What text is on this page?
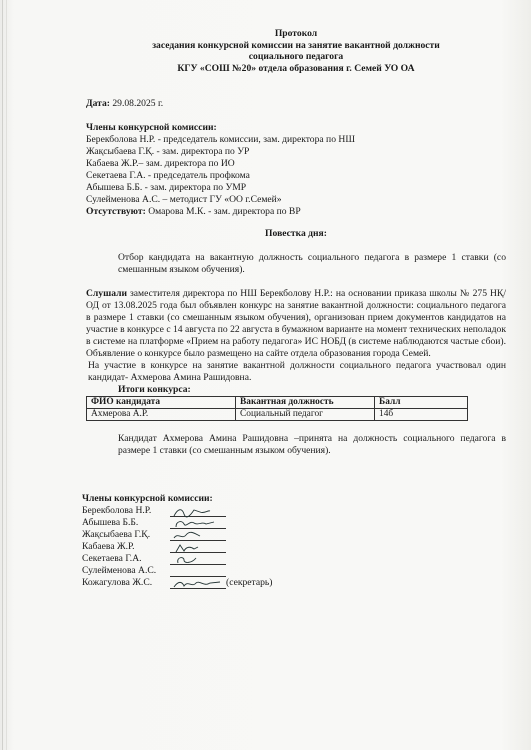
Протокол
заседания конкурсной комиссии на занятие вакантной должности
социального педагога
КГУ «СОШ №20» отдела образования г. Семей УО ОА

Дата: 29.08.2025 г.

Члены конкурсной комиссии:

Берекболова Н.Р. - председатель комиссии, зам. директора по НШ

Жақсыбаева Г.Қ. - зам. директора по УР

Кабаева Ж.Р.– зам. директора по ИО

Секетаева Г.А. - председатель профкома

Абышева Б.Б. - зам. директора по УМР

Сулейменова А.С. – методист ГУ «ОО г.Семей»

Отсутствуют: Омарова М.К. - зам. директора по ВР

Повестка дня:

Отбор кандидата на вакантную должность социального педагога в размере 1 ставки (со смешанным языком обучения).

Слушали заместителя директора по НШ Берекболову Н.Р.: на основании приказа школы № 275 НҚ/ОД от 13.08.2025 года был объявлен конкурс на занятие вакантной должности: социального педагога в размере 1 ставки (со смешанным языком обучения), организован прием документов кандидатов на участие в конкурсе с 14 августа по 22 августа в бумажном варианте на момент технических неполадок в системе на платформе «Прием на работу педагога» ИС НОБД (в системе наблюдаются частые сбои). Объявление о конкурсе было размещено на сайте отдела образования города Семей.

На участие в конкурсе на занятие вакантной должности социального педагога участвовал один кандидат- Ахмерова Амина Рашидовна.

Итоги конкурса:

ФИО кандидата	Вакантная должность	Балл
Ахмерова А.Р.	Социальный педагог	14б

Кандидат Ахмерова Амина Рашидовна –принята на должность социального педагога в размере 1 ставки (со смешанным языком обучения).

Члены конкурсной комиссии:

Берекболова Н.Р.
Абышева Б.Б.
Жақсыбаева Г.Қ.
Кабаева Ж.Р.
Секетаева Г.А.
Сулейменова А.С.
Кожагулова Ж.С.	(секретарь)
